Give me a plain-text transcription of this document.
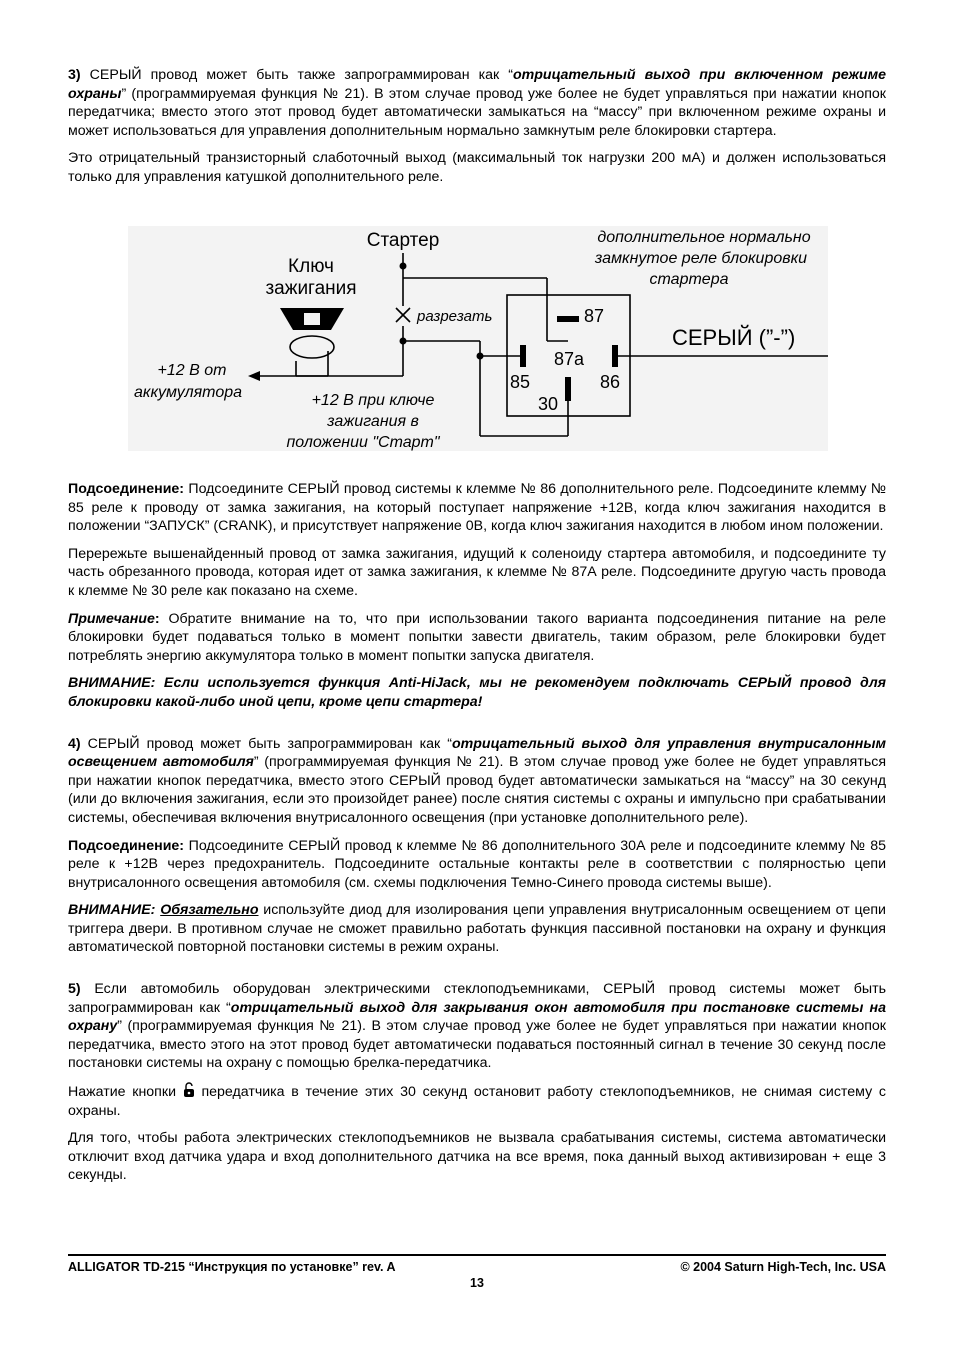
3) СЕРЫЙ провод может быть также запрограммирован как “отрицательный выход при включенном режиме охраны” (программируемая функция № 21). В этом случае провод уже более не будет управляться при нажатии кнопок передатчика; вместо этого этот провод будет автоматически замыкаться на “массу” при включенном режиме охраны и может использоваться для управления дополнительным нормально замкнутым реле блокировки стартера.

Это отрицательный транзисторный слаботочный выход (максимальный ток нагрузки 200 мА) и должен использоваться только для управления катушкой дополнительного реле.

Стартер
Ключ
зажигания
разрезать
+12 В от
аккумулятора	+12 В при ключе
зажигания в
положении "Старт"
дополнительное нормально
замкнутое реле блокировки
стартера
87
87a
85	86
30
СЕРЫЙ (”-”)

Подсоединение: Подсоедините СЕРЫЙ провод системы к клемме № 86 дополнительного реле. Подсоедините клемму № 85 реле к проводу от замка зажигания, на который поступает напряжение +12В, когда ключ зажигания находится в положении “ЗАПУСК” (CRANK), и присутствует напряжение 0В, когда ключ зажигания находится в любом ином положении.

Перережьте вышенайденный провод от замка зажигания, идущий к соленоиду стартера автомобиля, и подсоедините ту часть обрезанного провода, которая идет от замка зажигания, к клемме № 87А реле. Подсоедините другую часть провода к клемме № 30 реле как показано на схеме.

Примечание: Обратите внимание на то, что при использовании такого варианта подсоединения питание на реле блокировки будет подаваться только в момент попытки завести двигатель, таким образом, реле блокировки будет потреблять энергию аккумулятора только в момент попытки запуска двигателя.

ВНИМАНИЕ: Если используется функция Anti-HiJack, мы не рекомендуем подключать СЕРЫЙ провод для блокировки какой-либо иной цепи, кроме цепи стартера!

4) СЕРЫЙ провод может быть запрограммирован как “отрицательный выход для управления внутрисалонным освещением автомобиля” (программируемая функция № 21). В этом случае провод уже более не будет управляться при нажатии кнопок передатчика, вместо этого СЕРЫЙ провод будет автоматически замыкаться на “массу” на 30 секунд (или до включения зажигания, если это произойдет ранее) после снятия системы с охраны и импульсно при срабатывании системы, обеспечивая включения внутрисалонного освещения (при установке дополнительного реле).

Подсоединение: Подсоедините СЕРЫЙ провод к клемме № 86 дополнительного 30А реле и подсоедините клемму № 85 реле к +12В через предохранитель. Подсоедините остальные контакты реле в соответствии с полярностью цепи внутрисалонного освещения автомобиля (см. схемы подключения Темно-Синего провода системы выше).

ВНИМАНИЕ: Обязательно используйте диод для изолирования цепи управления внутрисалонным освещением от цепи триггера двери. В противном случае не сможет правильно работать функция пассивной постановки на охрану и функция автоматической повторной постановки системы в режим охраны.

5) Если автомобиль оборудован электрическими стеклоподъемниками, СЕРЫЙ провод системы может быть запрограммирован как “отрицательный выход для закрывания окон автомобиля при постановке системы на охрану” (программируемая функция № 21). В этом случае провод уже более не будет управляться при нажатии кнопок передатчика, вместо этого на этот провод будет автоматически подаваться постоянный сигнал в течение 30 секунд после постановки системы на охрану с помощью брелка-передатчика.

Нажатие кнопки  передатчика в течение этих 30 секунд остановит работу стеклоподъемников, не снимая систему с охраны.

Для того, чтобы работа электрических стеклоподъемников не вызвала срабатывания системы, система автоматически отключит вход датчика удара и вход дополнительного датчика на все время, пока данный выход активизирован + еще 3 секунды.

ALLIGATOR TD-215 “Инструкция по установке” rev. A	© 2004 Saturn High-Tech, Inc. USA
13
